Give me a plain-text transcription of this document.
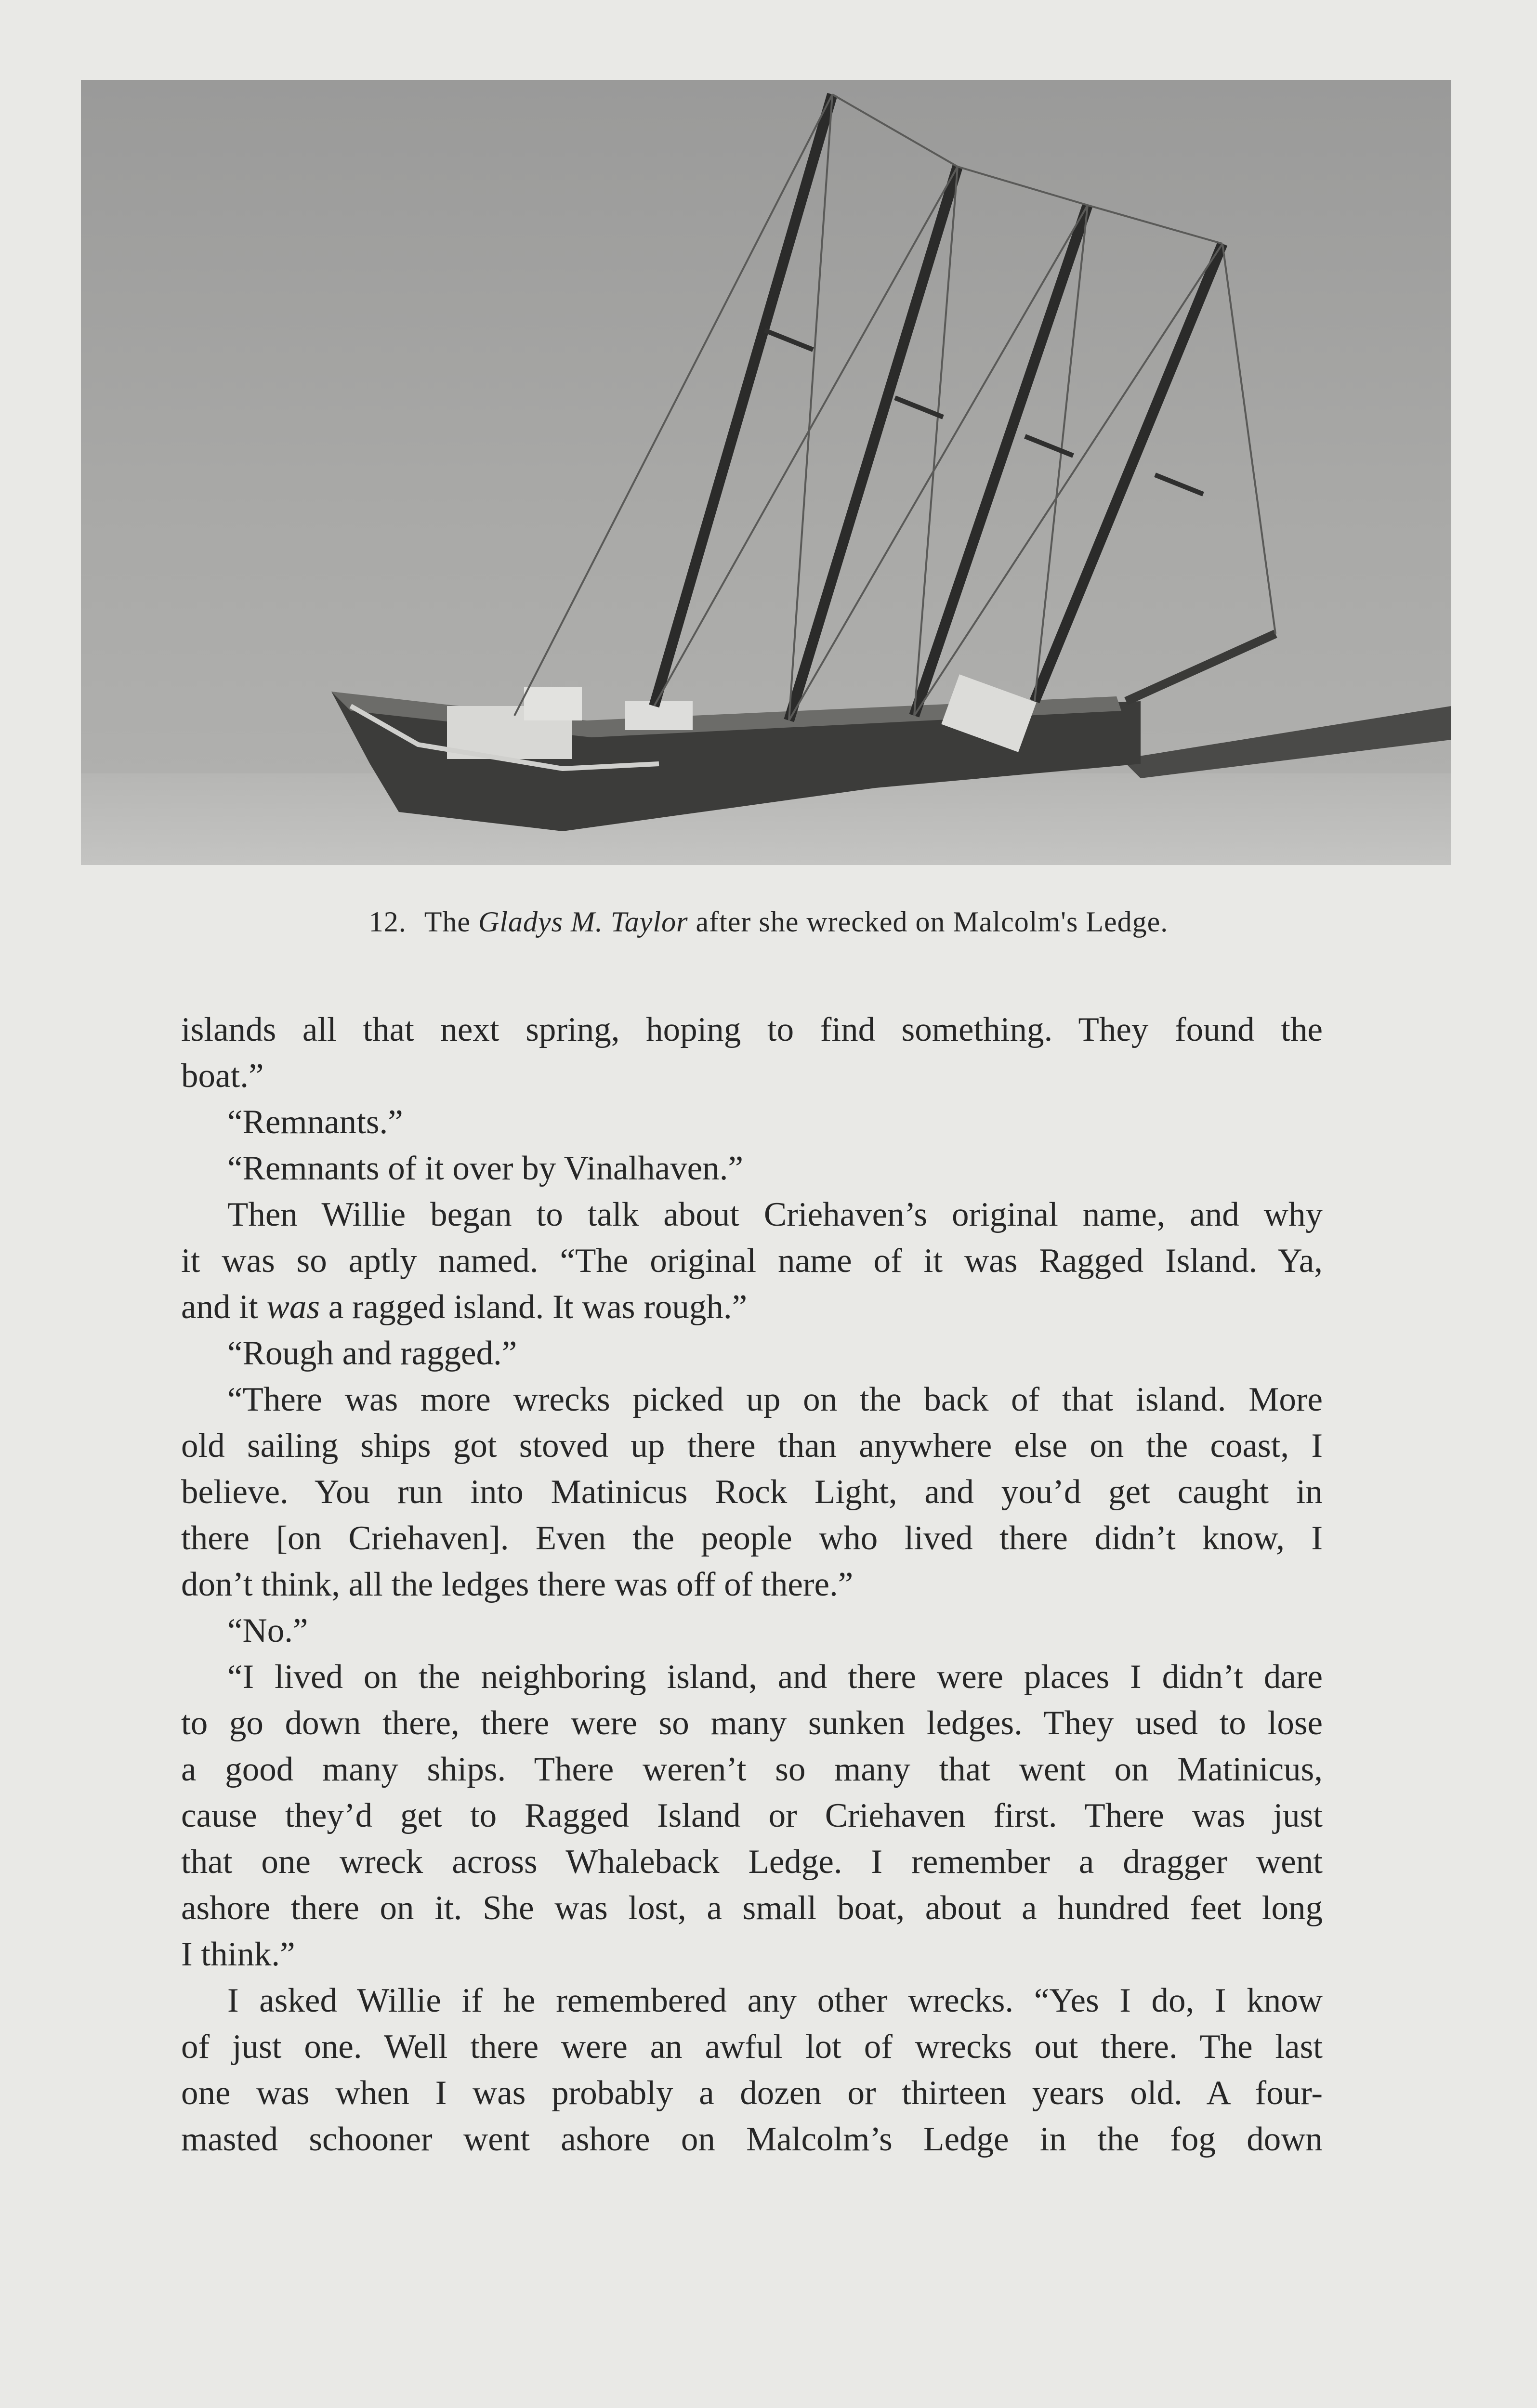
12. The Gladys M. Taylor after she wrecked on Malcolm's Ledge.

islands all that next spring, hoping to find something. They found the

boat.”

“Remnants.”

“Remnants of it over by Vinalhaven.”

Then Willie began to talk about Criehaven’s original name, and why

it was so aptly named. “The original name of it was Ragged Island. Ya,

and it was a ragged island. It was rough.”

“Rough and ragged.”

“There was more wrecks picked up on the back of that island. More

old sailing ships got stoved up there than anywhere else on the coast, I

believe. You run into Matinicus Rock Light, and you’d get caught in

there [on Criehaven]. Even the people who lived there didn’t know, I

don’t think, all the ledges there was off of there.”

“No.”

“I lived on the neighboring island, and there were places I didn’t dare

to go down there, there were so many sunken ledges. They used to lose

a good many ships. There weren’t so many that went on Matinicus,

cause they’d get to Ragged Island or Criehaven first. There was just

that one wreck across Whaleback Ledge. I remember a dragger went

ashore there on it. She was lost, a small boat, about a hundred feet long

I think.”

I asked Willie if he remembered any other wrecks. “Yes I do, I know

of just one. Well there were an awful lot of wrecks out there. The last

one was when I was probably a dozen or thirteen years old. A four-

masted schooner went ashore on Malcolm’s Ledge in the fog down
